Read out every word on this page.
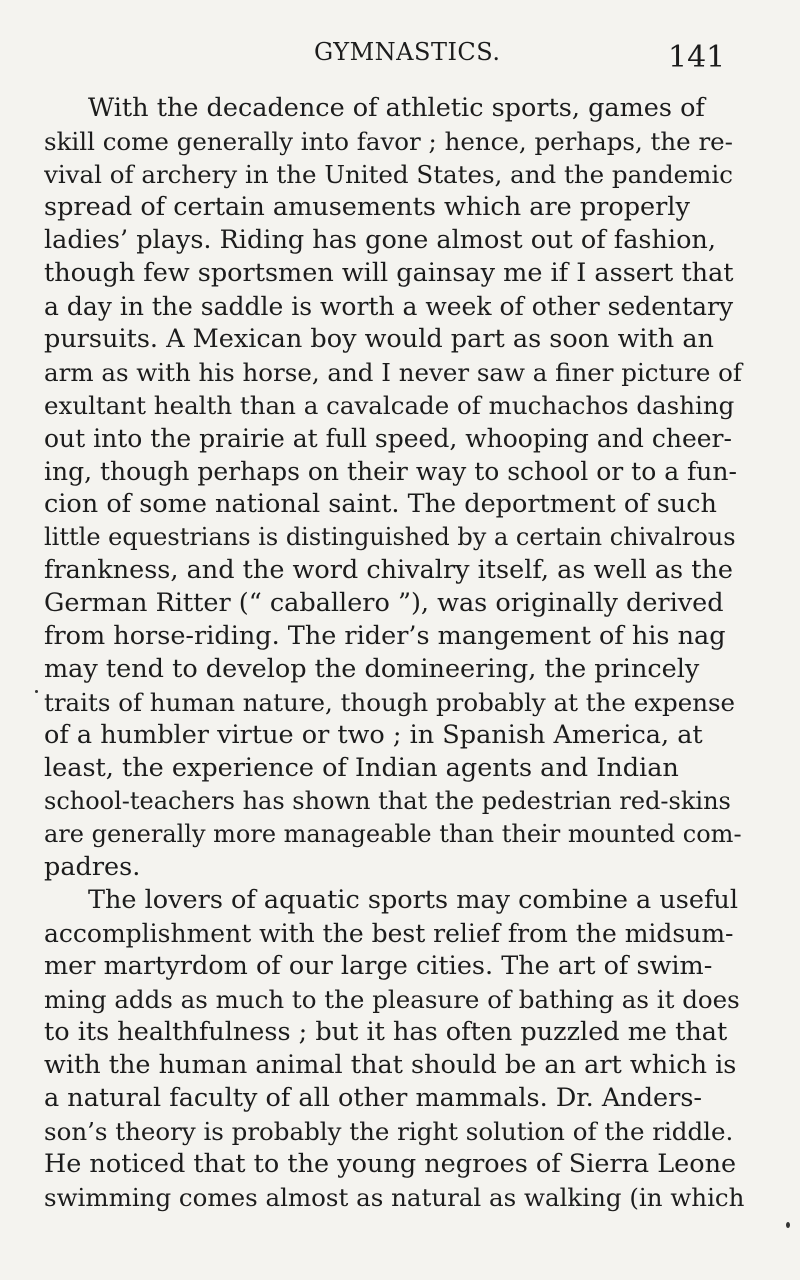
GYMNASTICS.	141
With the decadence of athletic sports, games of
skill come generally into favor ; hence, perhaps, the re-
vival of archery in the United States, and the pandemic
spread of certain amusements which are properly
ladies’ plays. Riding has gone almost out of fashion,
though few sportsmen will gainsay me if I assert that
a day in the saddle is worth a week of other sedentary
pursuits. A Mexican boy would part as soon with an
arm as with his horse, and I never saw a finer picture of
exultant health than a cavalcade of muchachos dashing
out into the prairie at full speed, whooping and cheer-
ing, though perhaps on their way to school or to a fun-
cion of some national saint. The deportment of such
little equestrians is distinguished by a certain chivalrous
frankness, and the word chivalry itself, as well as the
German Ritter (“ caballero ”), was originally derived
from horse-riding. The rider’s mangement of his nag
may tend to develop the domineering, the princely
traits of human nature, though probably at the expense
of a humbler virtue or two ; in Spanish America, at
least, the experience of Indian agents and Indian
school-teachers has shown that the pedestrian red-skins
are generally more manageable than their mounted com-
padres.
The lovers of aquatic sports may combine a useful
accomplishment with the best relief from the midsum-
mer martyrdom of our large cities. The art of swim-
ming adds as much to the pleasure of bathing as it does
to its healthfulness ; but it has often puzzled me that
with the human animal that should be an art which is
a natural faculty of all other mammals. Dr. Anders-
son’s theory is probably the right solution of the riddle.
He noticed that to the young negroes of Sierra Leone
swimming comes almost as natural as walking (in which
